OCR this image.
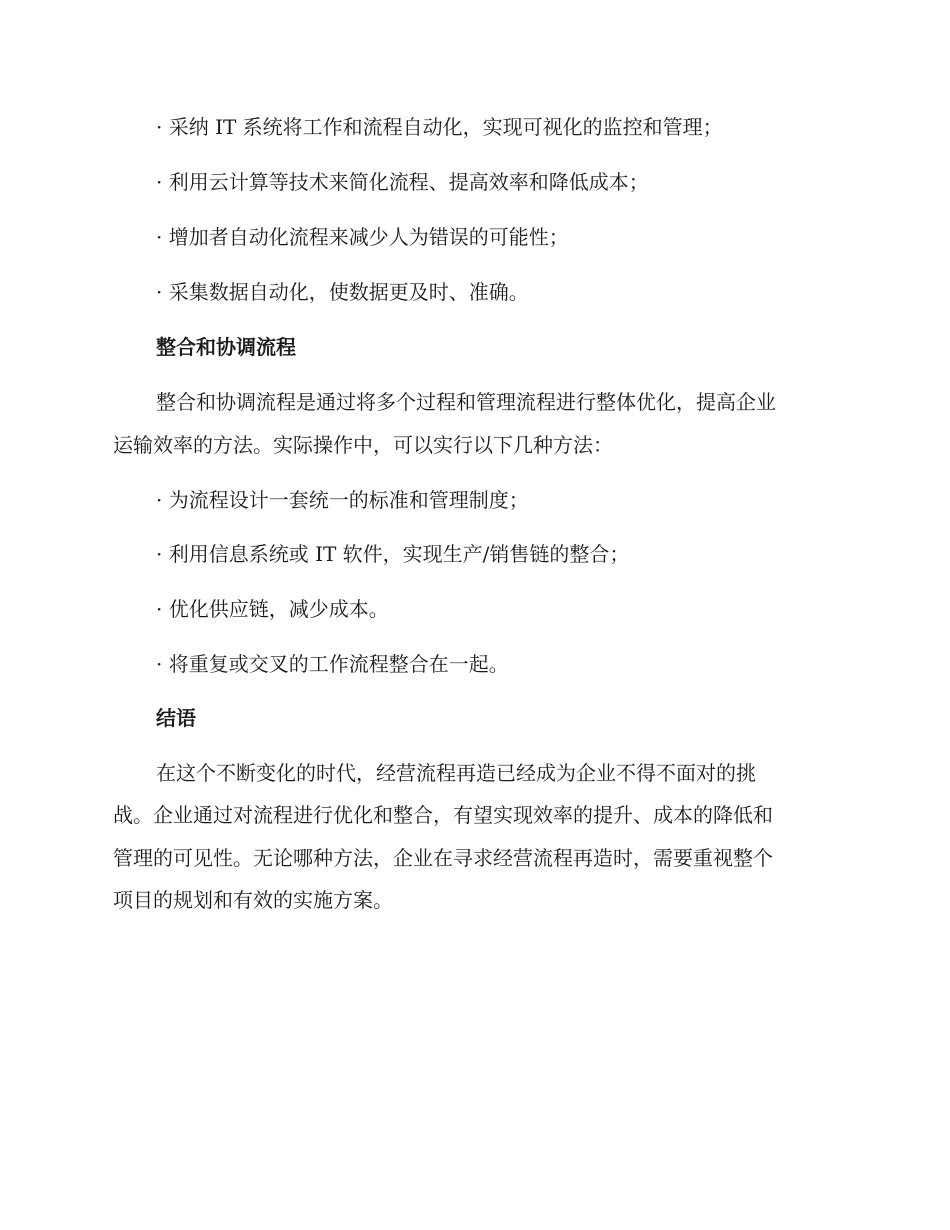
· 采纳 IT 系统将工作和流程自动化，实现可视化的监控和管理；
· 利用云计算等技术来简化流程、提高效率和降低成本；
· 增加者自动化流程来减少人为错误的可能性；
· 采集数据自动化，使数据更及时、准确。
整合和协调流程
整合和协调流程是通过将多个过程和管理流程进行整体优化，提高企业
运输效率的方法。实际操作中，可以实行以下几种方法：
· 为流程设计一套统一的标准和管理制度；
· 利用信息系统或 IT 软件，实现生产/销售链的整合；
· 优化供应链，减少成本。
· 将重复或交叉的工作流程整合在一起。
结语
在这个不断变化的时代，经营流程再造已经成为企业不得不面对的挑
战。企业通过对流程进行优化和整合，有望实现效率的提升、成本的降低和
管理的可见性。无论哪种方法，企业在寻求经营流程再造时，需要重视整个
项目的规划和有效的实施方案。
